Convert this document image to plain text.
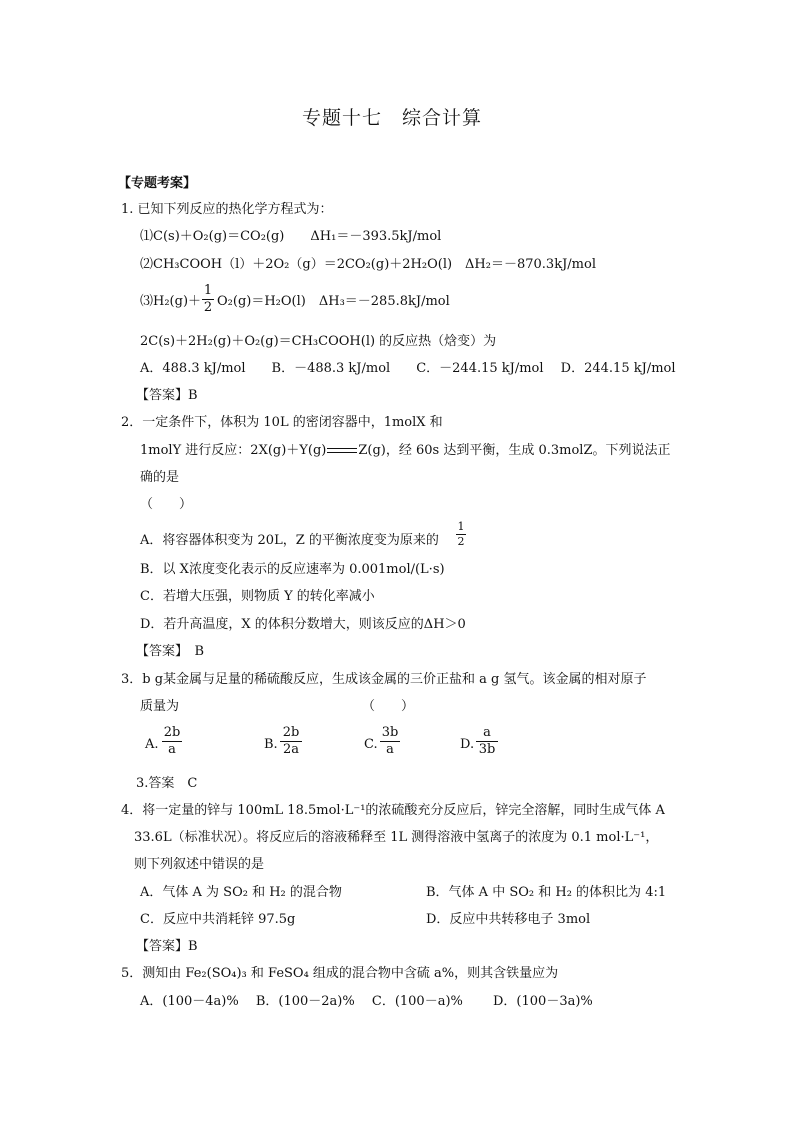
专题十七　综合计算
【专题考案】
1. 已知下列反应的热化学方程式为：
⑴C(s)＋O₂(g)＝CO₂(g)　　ΔH₁＝－393.5kJ/mol
⑵CH₃COOH（l）＋2O₂（g）＝2CO₂(g)＋2H₂O(l)　ΔH₂＝－870.3kJ/mol
⑶H₂(g)＋
1
2 O₂(g)＝H₂O(l)　ΔH₃＝－285.8kJ/mol
2C(s)＋2H₂(g)＋O₂(g)＝CH₃COOH(l) 的反应热（焓变）为
A．488.3 kJ/mol　　B．－488.3 kJ/mol　　C．－244.15 kJ/mol　 D．244.15 kJ/mol
【答案】B
2．一定条件下，体积为 10L 的密闭容器中，1molX 和
1molY 进行反应：2X(g)＋Y(g) Z(g)，经 60s 达到平衡，生成 0.3molZ。下列说法正
确的是
（　　）
A．将容器体积变为 20L，Z 的平衡浓度变为原来的
1
2
B．以 X浓度变化表示的反应速率为 0.001mol/(L·s)
C．若增大压强，则物质 Y 的转化率减小
D．若升高温度，X 的体积分数增大，则该反应的ΔH＞0
【答案】　B
3．b g某金属与足量的稀硫酸反应，生成该金属的三价正盐和 a g 氢气。该金属的相对原子
质量为	（　　）
A.
2b
a	B.
2b
2a	C.
3b
a	D.
a
3b
3.答案　C
4．将一定量的锌与 100mL 18.5mol·L⁻¹的浓硫酸充分反应后，锌完全溶解，同时生成气体 A
33.6L（标准状况）。将反应后的溶液稀释至 1L 测得溶液中氢离子的浓度为 0.1 mol·L⁻¹，
则下列叙述中错误的是
A．气体 A 为 SO₂ 和 H₂ 的混合物	B．气体 A 中 SO₂ 和 H₂ 的体积比为 4:1
C．反应中共消耗锌 97.5g	D．反应中共转移电子 3mol
【答案】B
5．测知由 Fe₂(SO₄)₃ 和 FeSO₄ 组成的混合物中含硫 a%，则其含铁量应为
A．(100－4a)%　 B．(100－2a)%　 C．(100－a)%　　 D．(100－3a)%
